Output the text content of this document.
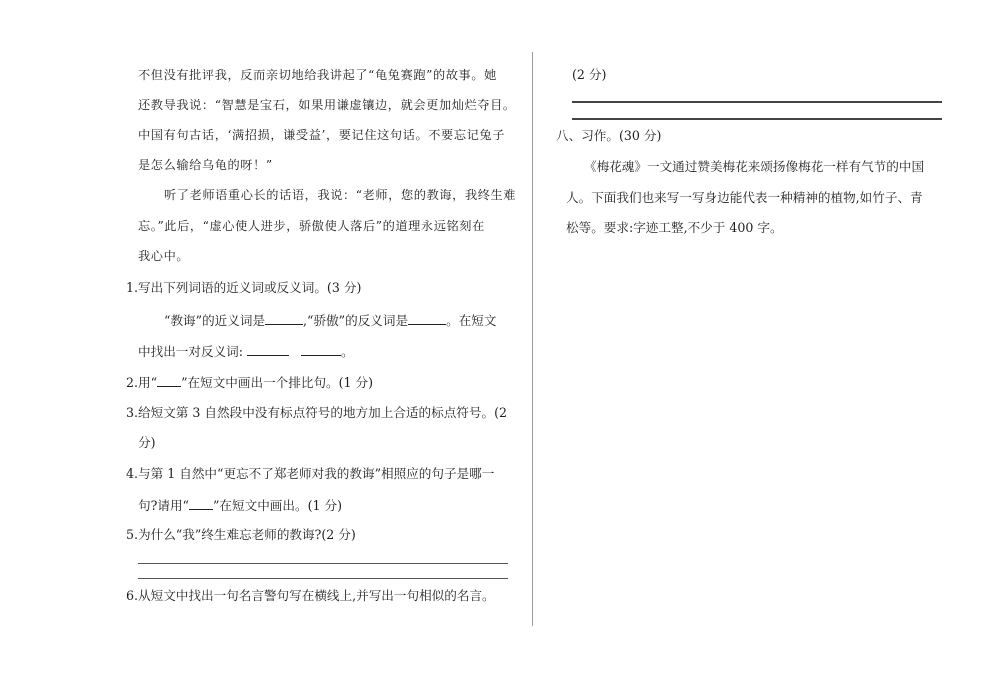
不但没有批评我，反而亲切地给我讲起了“龟兔赛跑”的故事。她
还教导我说：“智慧是宝石，如果用谦虚镶边，就会更加灿烂夺目。
中国有句古话，‘满招损，谦受益’，要记住这句话。不要忘记兔子
是怎么输给乌龟的呀！”
听了老师语重心长的话语，我说：“老师，您的教诲，我终生难
忘。”此后，“虚心使人进步，骄傲使人落后”的道理永远铭刻在
我心中。
1.写出下列词语的近义词或反义词。(3 分)
“教诲”的近义词是	,“骄傲”的反义词是	。在短文
中找出一对反义词:	。
2.用“ ”在短文中画出一个排比句。(1 分)
3.给短文第 3 自然段中没有标点符号的地方加上合适的标点符号。(2
分)
4.与第 1 自然中“更忘不了郑老师对我的教诲”相照应的句子是哪一
句?请用“ ”在短文中画出。(1 分)
5.为什么“我”终生难忘老师的教诲?(2 分)
6.从短文中找出一句名言警句写在横线上,并写出一句相似的名言。
(2 分)
八、习作。(30 分)
《梅花魂》一文通过赞美梅花来颂扬像梅花一样有气节的中国
人。下面我们也来写一写身边能代表一种精神的植物,如竹子、青
松等。要求:字迹工整,不少于 400 字。
